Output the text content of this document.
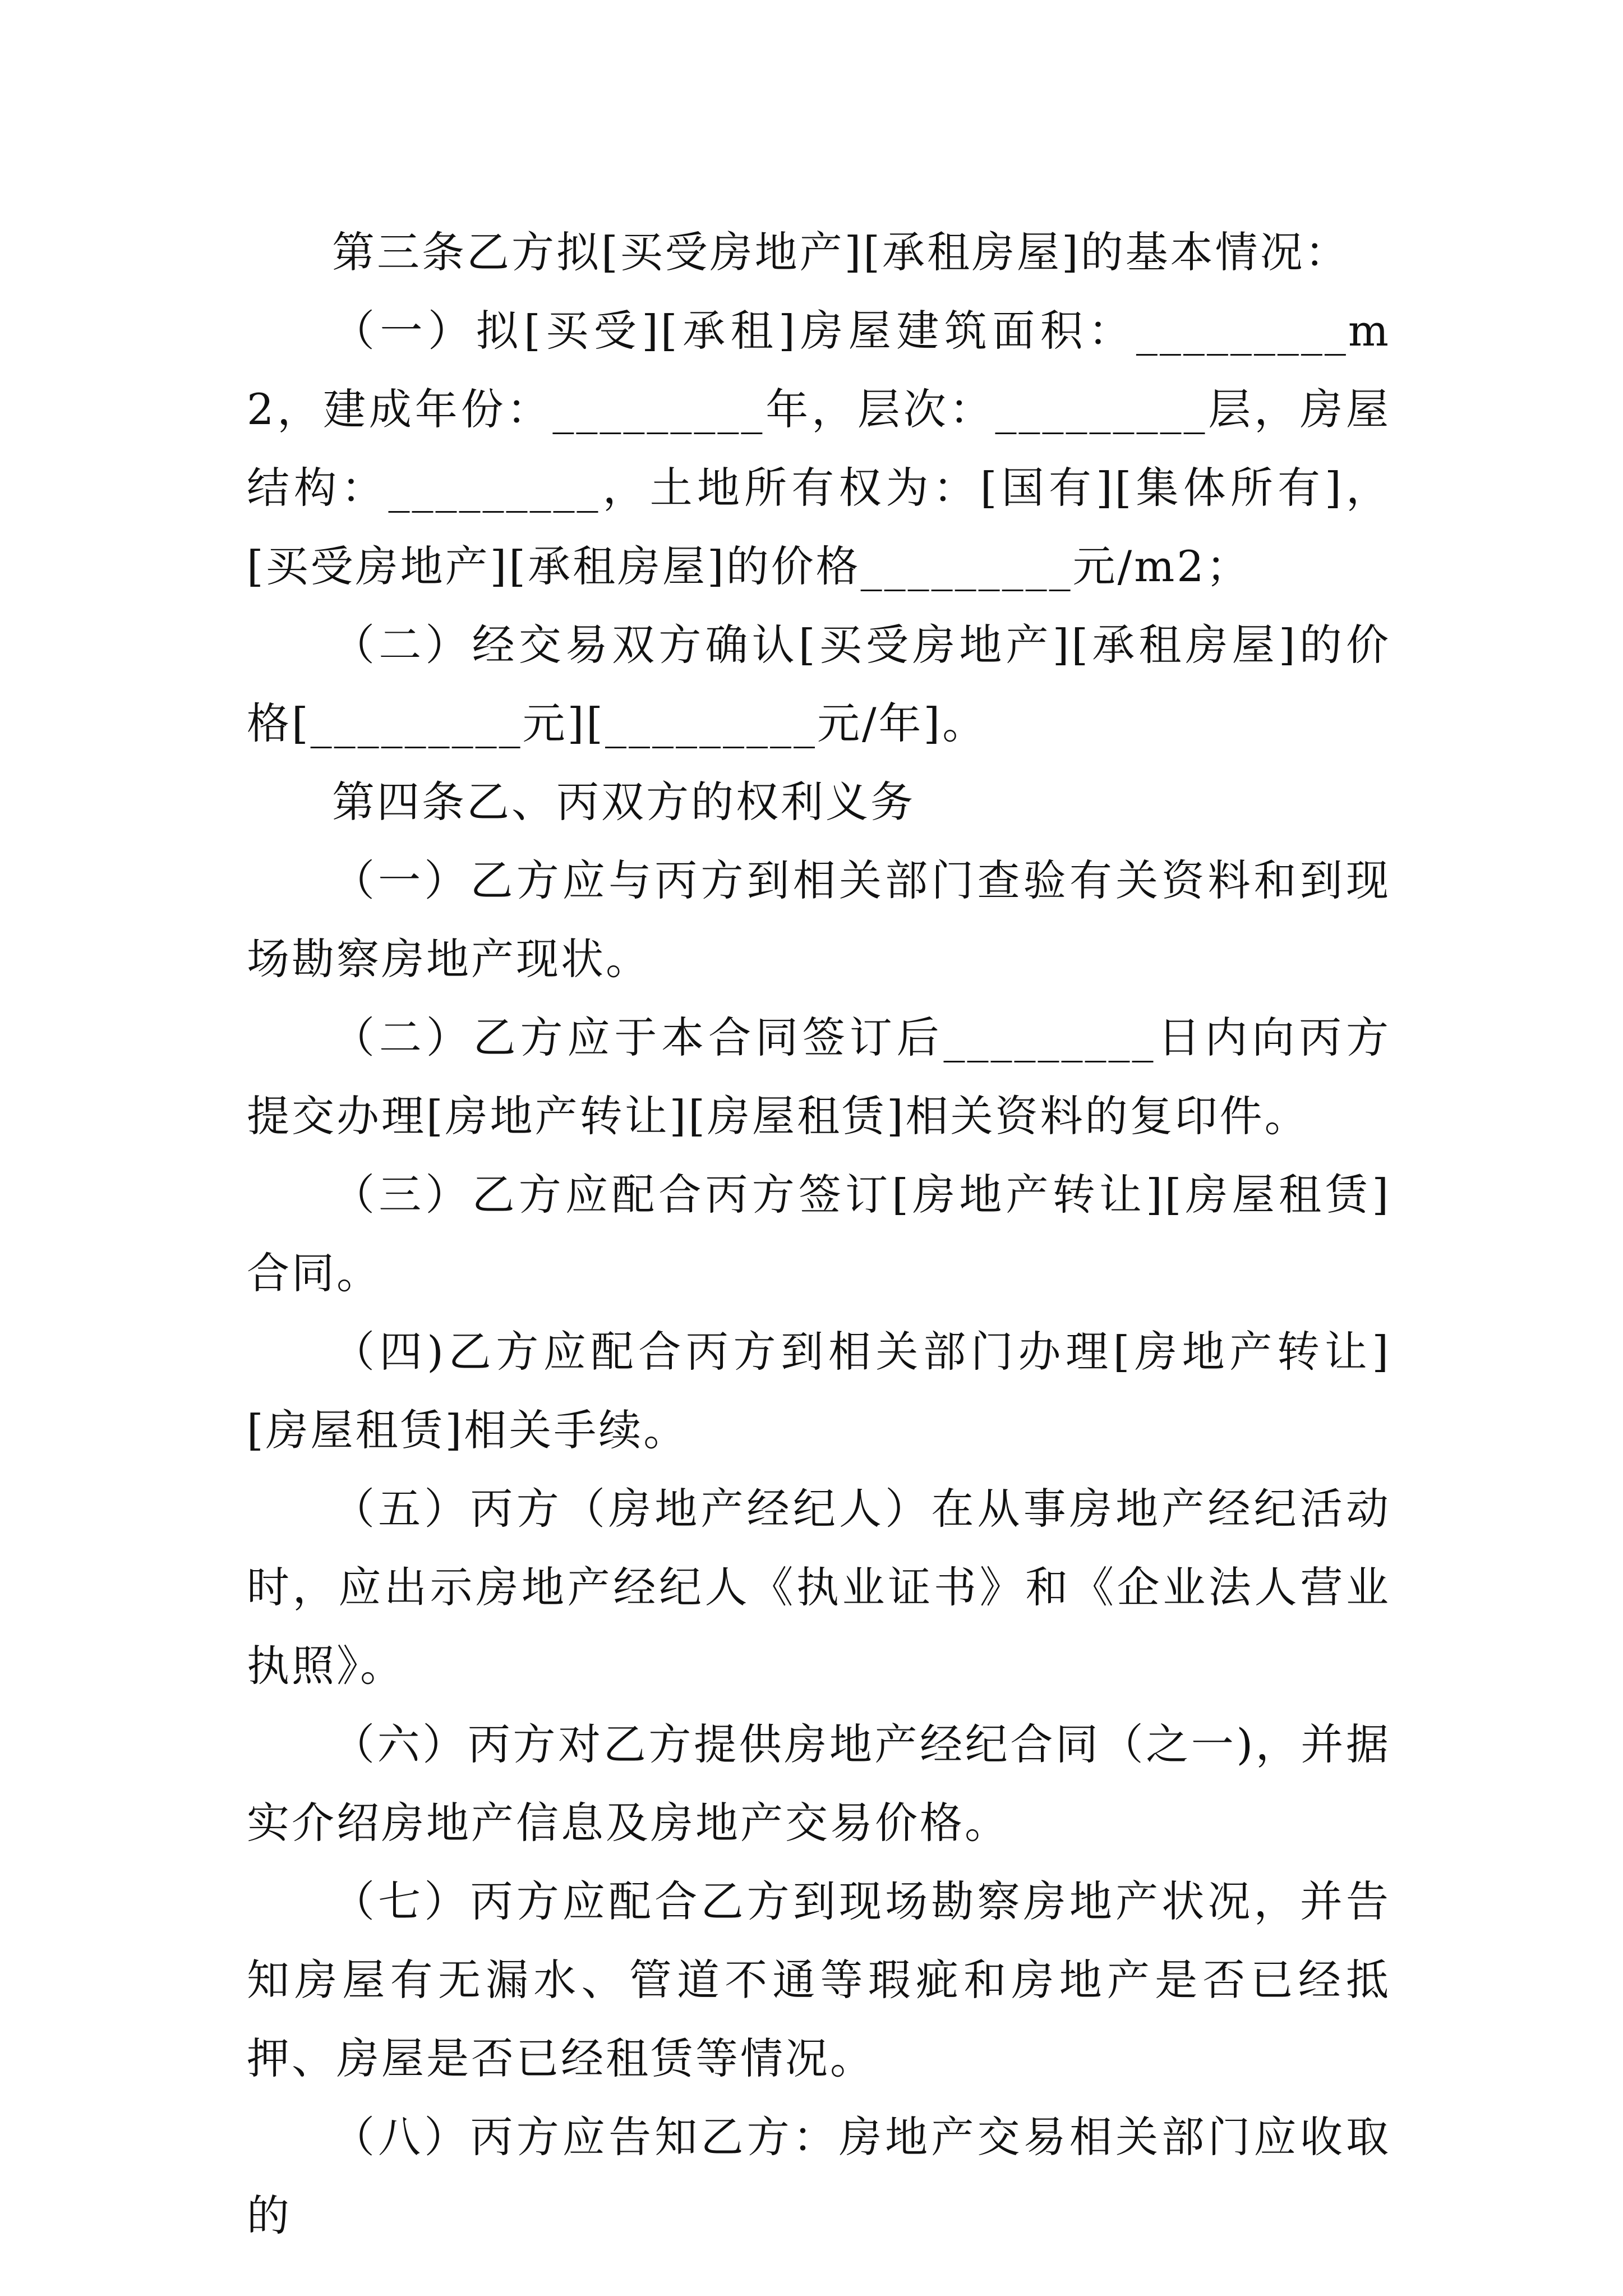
第三条乙方拟[买受房地产][承租房屋]的基本情况：

（一）拟[买受][承租]房屋建筑面积：_________m2，建成年份：_________年，层次：_________层，房屋结构：_________，土地所有权为：[国有][集体所有]，[买受房地产][承租房屋]的价格_________元/m2；

（二）经交易双方确认[买受房地产][承租房屋]的价格[_________元][_________元/年]。

第四条乙、丙双方的权利义务

（一）乙方应与丙方到相关部门查验有关资料和到现场勘察房地产现状。

（二）乙方应于本合同签订后_________日内向丙方提交办理[房地产转让][房屋租赁]相关资料的复印件。

（三）乙方应配合丙方签订[房地产转让][房屋租赁]合同。

（四)乙方应配合丙方到相关部门办理[房地产转让][房屋租赁]相关手续。

（五）丙方（房地产经纪人）在从事房地产经纪活动时，应出示房地产经纪人《执业证书》和《企业法人营业执照》。

（六）丙方对乙方提供房地产经纪合同（之一)，并据实介绍房地产信息及房地产交易价格。

（七）丙方应配合乙方到现场勘察房地产状况，并告知房屋有无漏水、管道不通等瑕疵和房地产是否已经抵押、房屋是否已经租赁等情况。

（八）丙方应告知乙方：房地产交易相关部门应收取的
